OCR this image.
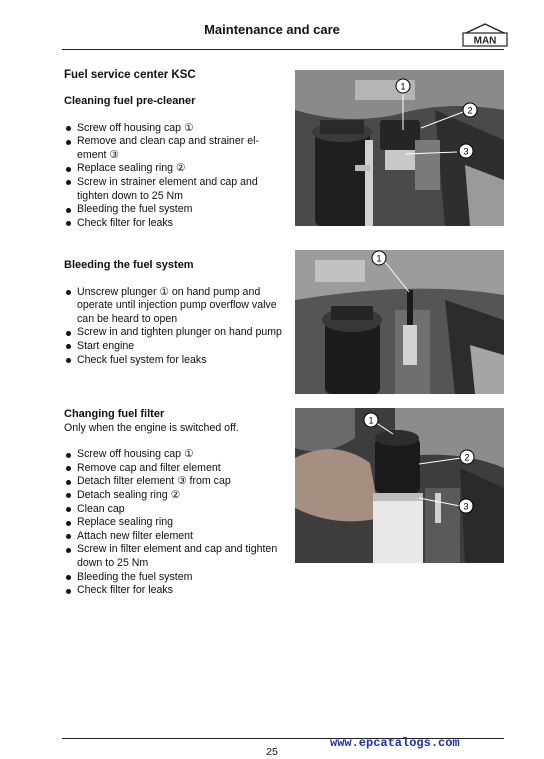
Maintenance and care
MAN
Fuel service center KSC
Cleaning fuel pre-cleaner
Screw off housing cap ①
Remove and clean cap and strainer el- ement ③
Replace sealing ring ②
Screw in strainer element and cap and tighten down to 25 Nm
Bleeding the fuel system
Check filter for leaks
Bleeding the fuel system
Unscrew plunger ① on hand pump and operate until injection pump overflow valve can be heard to open
Screw in and tighten plunger on hand pump
Start engine
Check fuel system for leaks
Changing fuel filter

Only when the engine is switched off.

Screw off housing cap ①
Remove cap and filter element
Detach filter element ③ from cap
Detach sealing ring ②
Clean cap
Replace sealing ring
Attach new filter element
Screw in filter element and cap and tighten down to 25 Nm
Bleeding the fuel system
Check filter for leaks
1
2
3
1
1
2
3
25
www.epcatalogs.com
